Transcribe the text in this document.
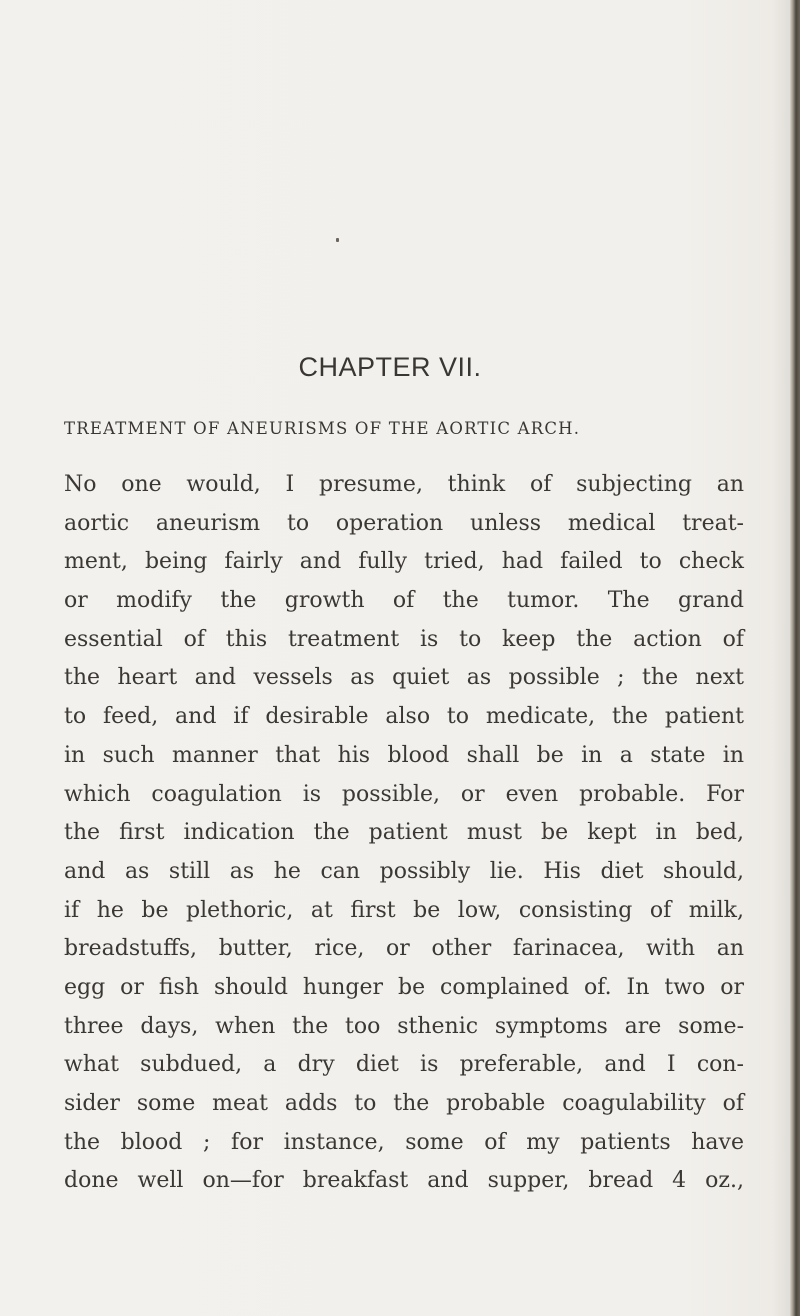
CHAPTER VII.
TREATMENT OF ANEURISMS OF THE AORTIC ARCH.
No one would, I presume, think of subjecting an
aortic aneurism to operation unless medical treat-
ment, being fairly and fully tried, had failed to check
or modify the growth of the tumor. The grand
essential of this treatment is to keep the action of
the heart and vessels as quiet as possible ; the next
to feed, and if desirable also to medicate, the patient
in such manner that his blood shall be in a state in
which coagulation is possible, or even probable. For
the first indication the patient must be kept in bed,
and as still as he can possibly lie. His diet should,
if he be plethoric, at first be low, consisting of milk,
breadstuffs, butter, rice, or other farinacea, with an
egg or fish should hunger be complained of. In two or
three days, when the too sthenic symptoms are some-
what subdued, a dry diet is preferable, and I con-
sider some meat adds to the probable coagulability of
the blood ; for instance, some of my patients have
done well on—for breakfast and supper, bread 4 oz.,
